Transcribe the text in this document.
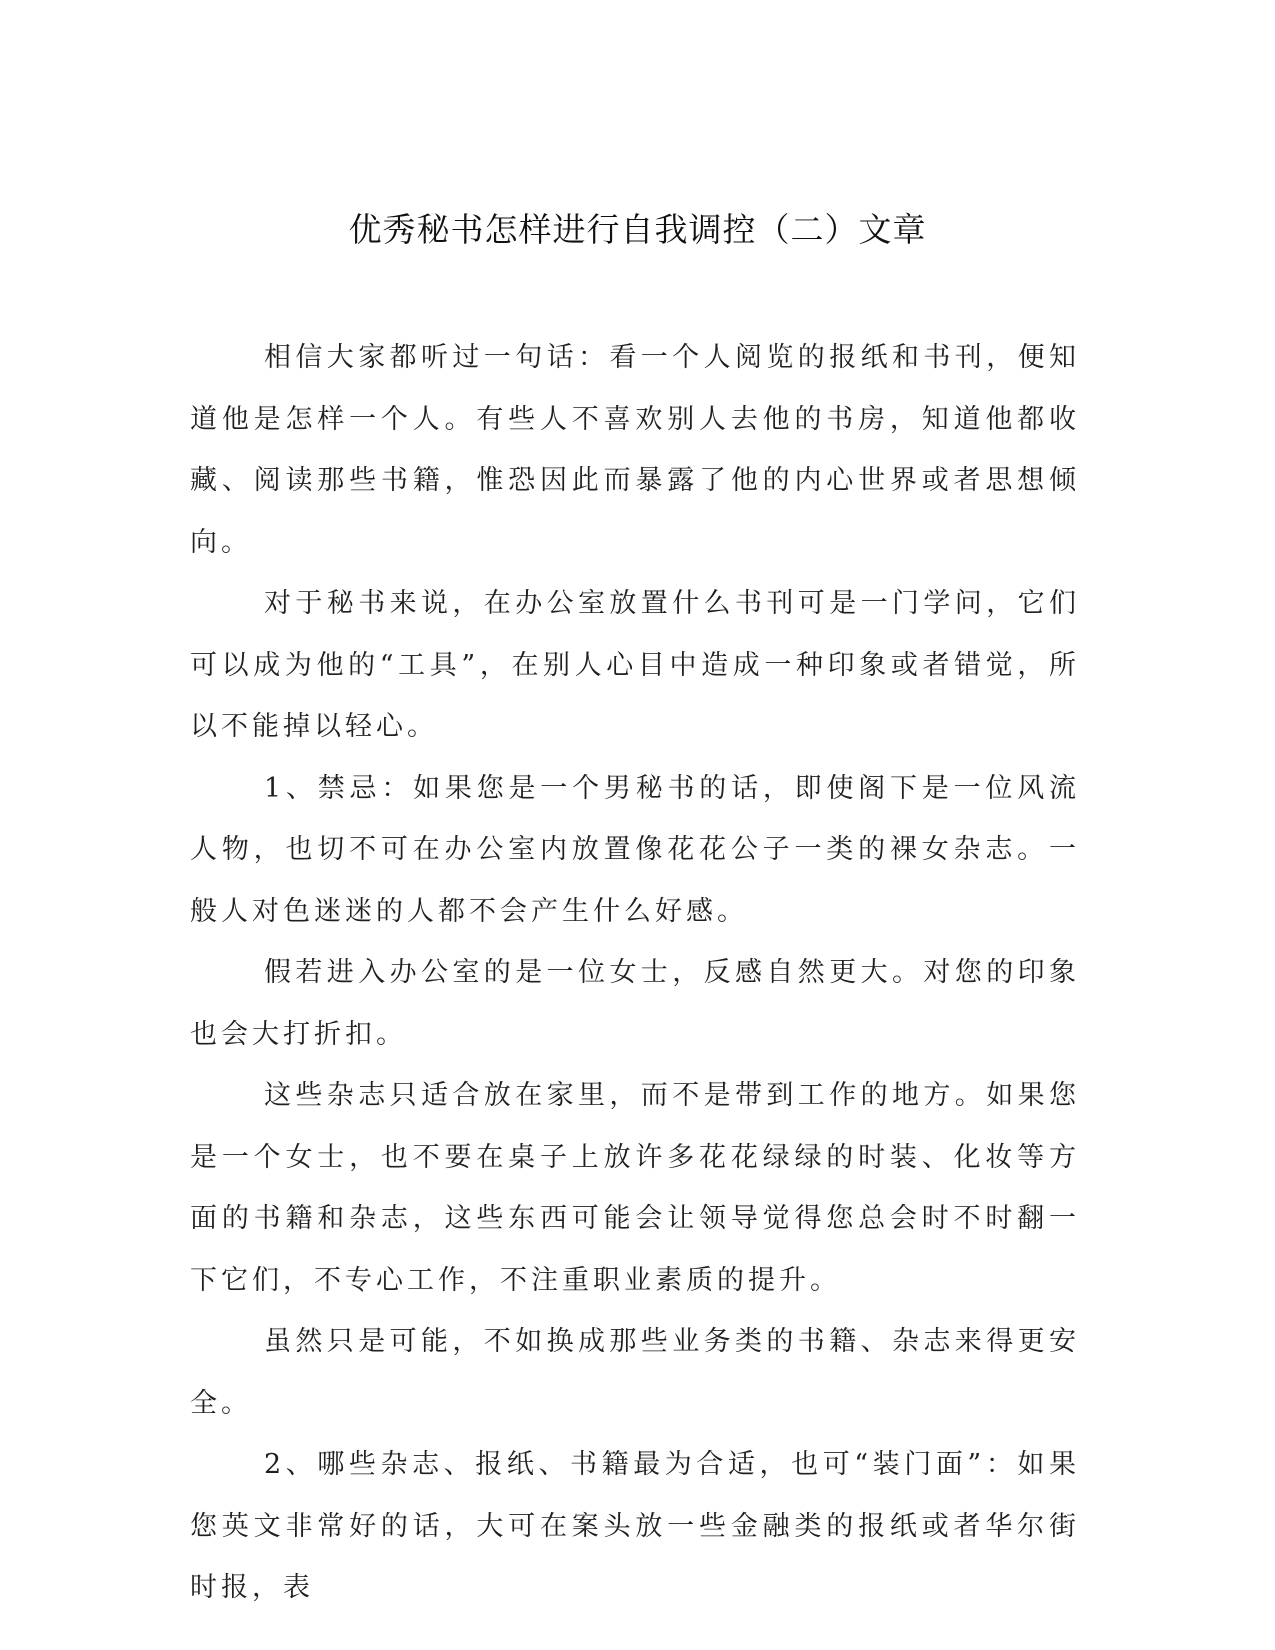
优秀秘书怎样进行自我调控（二）文章

相信大家都听过一句话：看一个人阅览的报纸和书刊，便知道他是怎样一个人。有些人不喜欢别人去他的书房，知道他都收藏、阅读那些书籍，惟恐因此而暴露了他的内心世界或者思想倾向。

对于秘书来说，在办公室放置什么书刊可是一门学问，它们可以成为他的“工具”，在别人心目中造成一种印象或者错觉，所以不能掉以轻心。

1、禁忌：如果您是一个男秘书的话，即使阁下是一位风流人物，也切不可在办公室内放置像花花公子一类的裸女杂志。一般人对色迷迷的人都不会产生什么好感。

假若进入办公室的是一位女士，反感自然更大。对您的印象也会大打折扣。

这些杂志只适合放在家里，而不是带到工作的地方。如果您是一个女士，也不要在桌子上放许多花花绿绿的时装、化妆等方面的书籍和杂志，这些东西可能会让领导觉得您总会时不时翻一下它们，不专心工作，不注重职业素质的提升。

虽然只是可能，不如换成那些业务类的书籍、杂志来得更安全。

2、哪些杂志、报纸、书籍最为合适，也可“装门面”：如果您英文非常好的话，大可在案头放一些金融类的报纸或者华尔街时报，表
